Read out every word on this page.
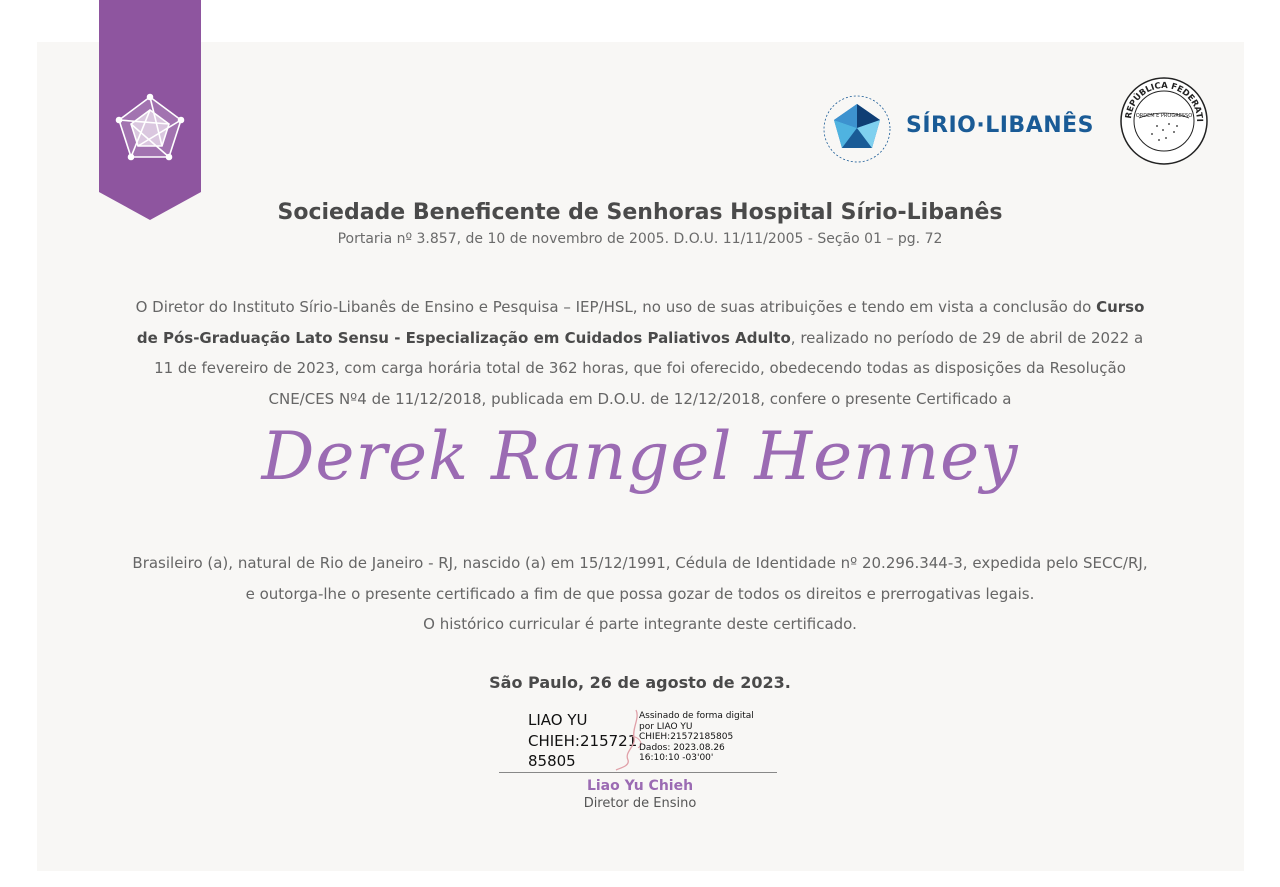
SÍRIO·LIBANÊS	REPÚBLICA FEDERATI
ORDEM E PROGRESSO
Sociedade Beneficente de Senhoras Hospital Sírio-Libanês
Portaria nº 3.857, de 10 de novembro de 2005. D.O.U. 11/11/2005 - Seção 01 – pg. 72
O Diretor do Instituto Sírio-Libanês de Ensino e Pesquisa – IEP/HSL, no uso de suas atribuições e tendo em vista a conclusão do Curso de Pós-Graduação Lato Sensu - Especialização em Cuidados Paliativos Adulto, realizado no período de 29 de abril de 2022 a 11 de fevereiro de 2023, com carga horária total de 362 horas, que foi oferecido, obedecendo todas as disposições da Resolução CNE/CES Nº4 de 11/12/2018, publicada em D.O.U. de 12/12/2018, confere o presente Certificado a
Derek Rangel Henney
Brasileiro (a), natural de Rio de Janeiro - RJ, nascido (a) em 15/12/1991, Cédula de Identidade nº 20.296.344-3, expedida pelo SECC/RJ,
e outorga-lhe o presente certificado a fim de que possa gozar de todos os direitos e prerrogativas legais.
O histórico curricular é parte integrante deste certificado.
São Paulo, 26 de agosto de 2023.
LIAO YU
CHIEH:215721
85805
Assinado de forma digital
por LIAO YU
CHIEH:21572185805
Dados: 2023.08.26
16:10:10 -03'00'
Liao Yu Chieh
Diretor de Ensino
